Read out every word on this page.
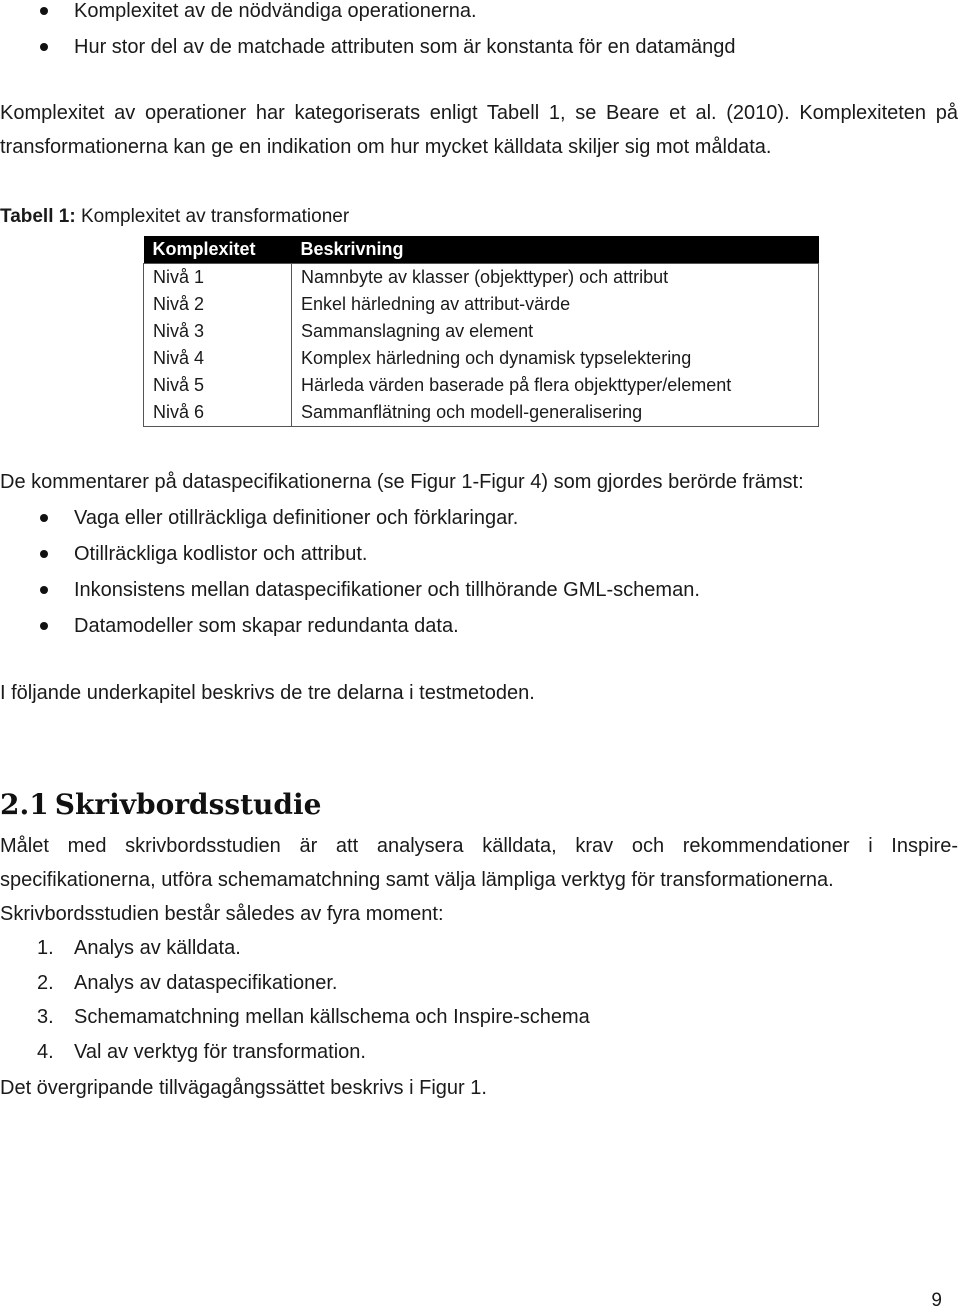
Komplexitet av de nödvändiga operationerna.
Hur stor del av de matchade attributen som är konstanta för en datamängd

Komplexitet av operationer har kategoriserats enligt Tabell 1, se Beare et al. (2010). Komplexiteten på transformationerna kan ge en indikation om hur mycket källdata skiljer sig mot måldata.

Tabell 1: Komplexitet av transformationer

Komplexitet	Beskrivning
Nivå 1	Namnbyte av klasser (objekttyper) och attribut
Nivå 2	Enkel härledning av attribut-värde
Nivå 3	Sammanslagning av element
Nivå 4	Komplex härledning och dynamisk typselektering
Nivå 5	Härleda värden baserade på flera objekttyper/element
Nivå 6	Sammanflätning och modell-generalisering

De kommentarer på dataspecifikationerna (se Figur 1-Figur 4) som gjordes berörde främst:

Vaga eller otillräckliga definitioner och förklaringar.
Otillräckliga kodlistor och attribut.
Inkonsistens mellan dataspecifikationer och tillhörande GML-scheman.
Datamodeller som skapar redundanta data.

I följande underkapitel beskrivs de tre delarna i testmetoden.

2.1 Skrivbordsstudie

Målet med skrivbordsstudien är att analysera källdata, krav och rekommendationer i Inspire-specifikationerna, utföra schemamatchning samt välja lämpliga verktyg för transformationerna.

Skrivbordsstudien består således av fyra moment:

1. Analys av källdata.
2. Analys av dataspecifikationer.
3. Schemamatchning mellan källschema och Inspire-schema
4. Val av verktyg för transformation.

Det övergripande tillvägagångssättet beskrivs i Figur 1.

9
